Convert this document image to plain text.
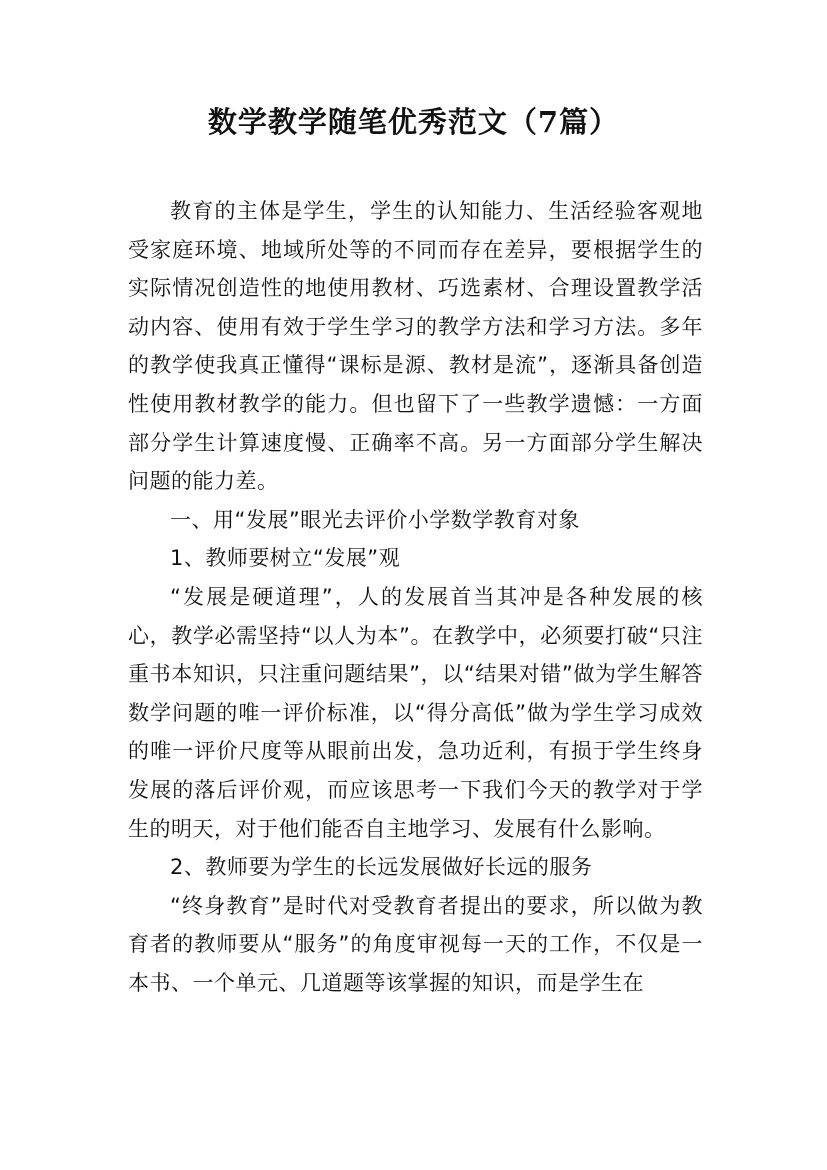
数学教学随笔优秀范文（7篇）

教育的主体是学生，学生的认知能力、生活经验客观地受家庭环境、地域所处等的不同而存在差异，要根据学生的实际情况创造性的地使用教材、巧选素材、合理设置教学活动内容、使用有效于学生学习的教学方法和学习方法。多年的教学使我真正懂得“课标是源、教材是流”，逐渐具备创造性使用教材教学的能力。但也留下了一些教学遗憾：一方面部分学生计算速度慢、正确率不高。另一方面部分学生解决问题的能力差。

一、用“发展”眼光去评价小学数学教育对象

1、教师要树立“发展”观

“发展是硬道理”，人的发展首当其冲是各种发展的核心，教学必需坚持“以人为本”。在教学中，必须要打破“只注重书本知识，只注重问题结果”，以“结果对错”做为学生解答数学问题的唯一评价标准，以“得分高低”做为学生学习成效的唯一评价尺度等从眼前出发，急功近利，有损于学生终身发展的落后评价观，而应该思考一下我们今天的教学对于学生的明天，对于他们能否自主地学习、发展有什么影响。

2、教师要为学生的长远发展做好长远的服务

“终身教育”是时代对受教育者提出的要求，所以做为教育者的教师要从“服务”的角度审视每一天的工作，不仅是一本书、一个单元、几道题等该掌握的知识，而是学生在
